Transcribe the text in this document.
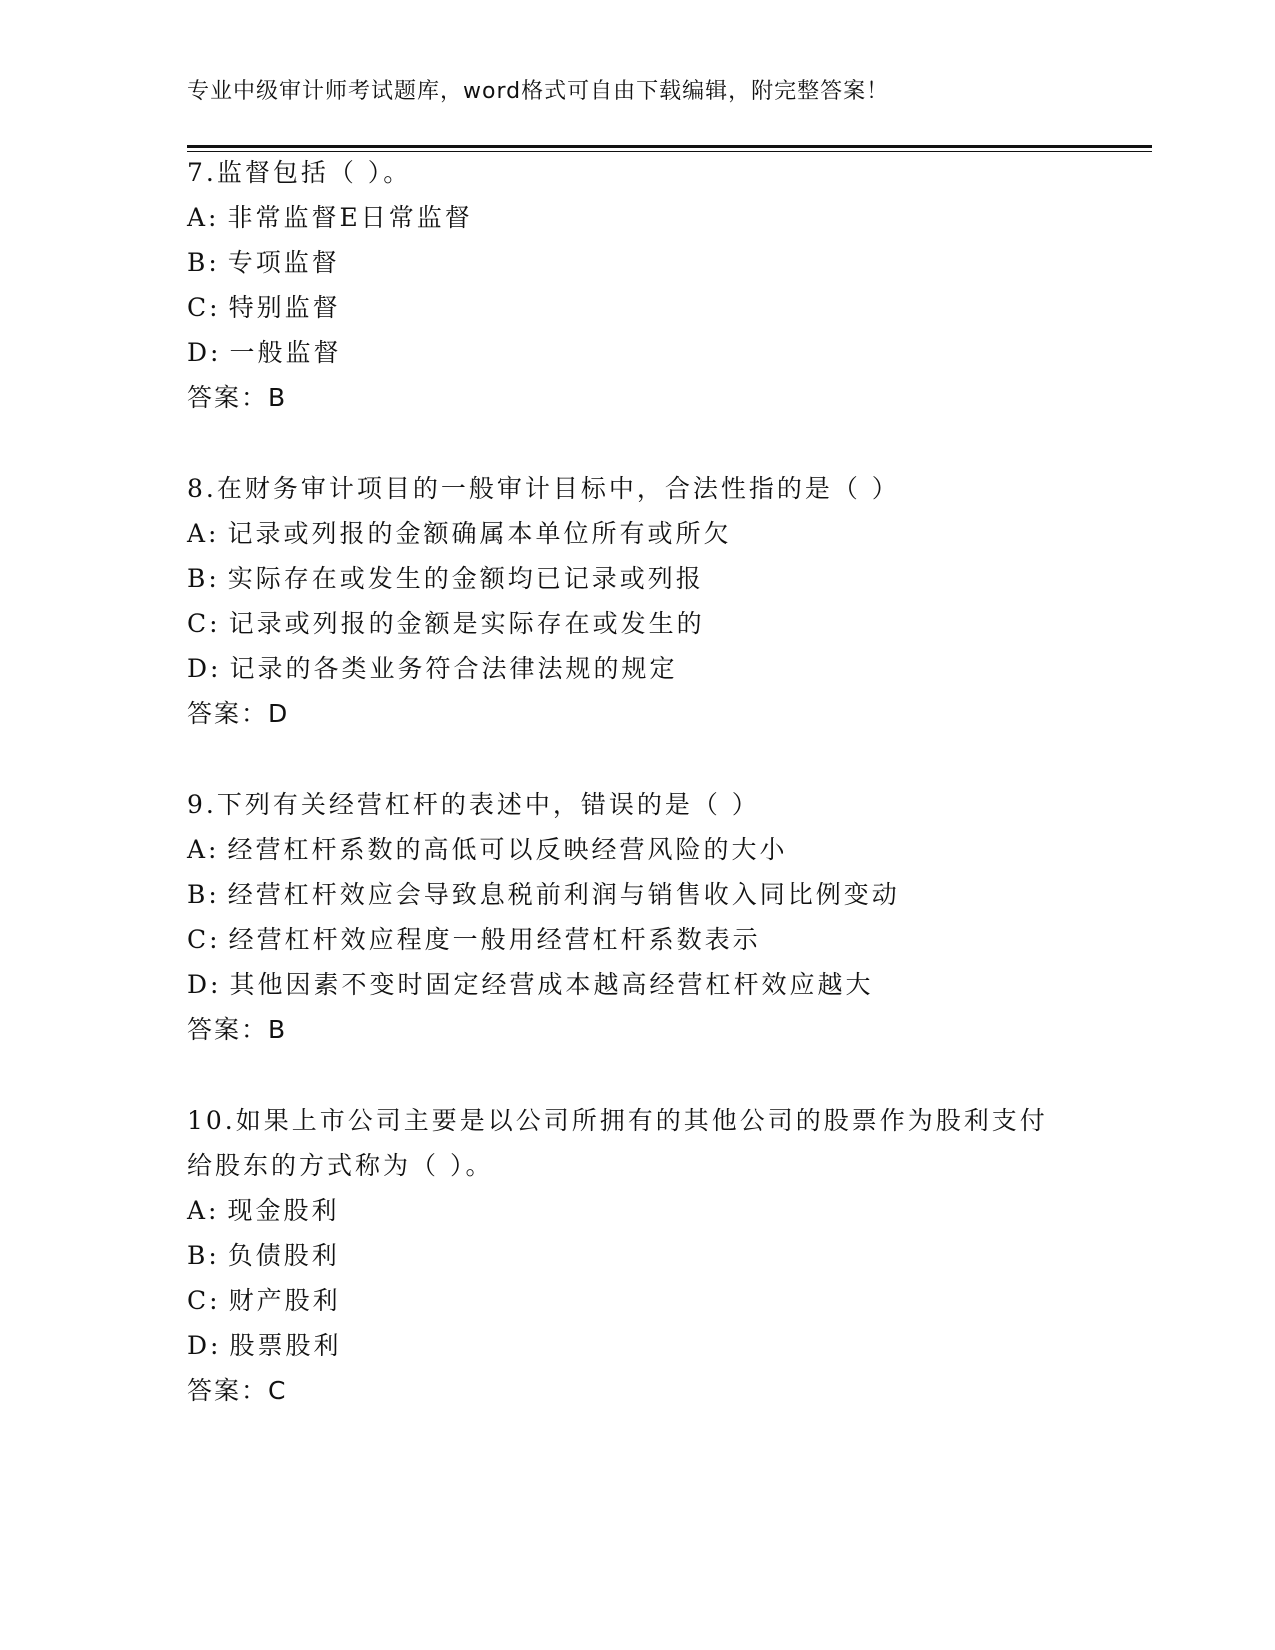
专业中级审计师考试题库，word格式可自由下载编辑，附完整答案！
7.监督包括（ ）。
A: 非常监督E日常监督
B: 专项监督
C: 特别监督
D: 一般监督
答案：B
8.在财务审计项目的一般审计目标中，合法性指的是（ ）
A: 记录或列报的金额确属本单位所有或所欠
B: 实际存在或发生的金额均已记录或列报
C: 记录或列报的金额是实际存在或发生的
D: 记录的各类业务符合法律法规的规定
答案：D
9.下列有关经营杠杆的表述中，错误的是（ ）
A: 经营杠杆系数的高低可以反映经营风险的大小
B: 经营杠杆效应会导致息税前利润与销售收入同比例变动
C: 经营杠杆效应程度一般用经营杠杆系数表示
D: 其他因素不变时固定经营成本越高经营杠杆效应越大
答案：B
10.如果上市公司主要是以公司所拥有的其他公司的股票作为股利支付给股东的方式称为（ ）。
A: 现金股利
B: 负债股利
C: 财产股利
D: 股票股利
答案：C
